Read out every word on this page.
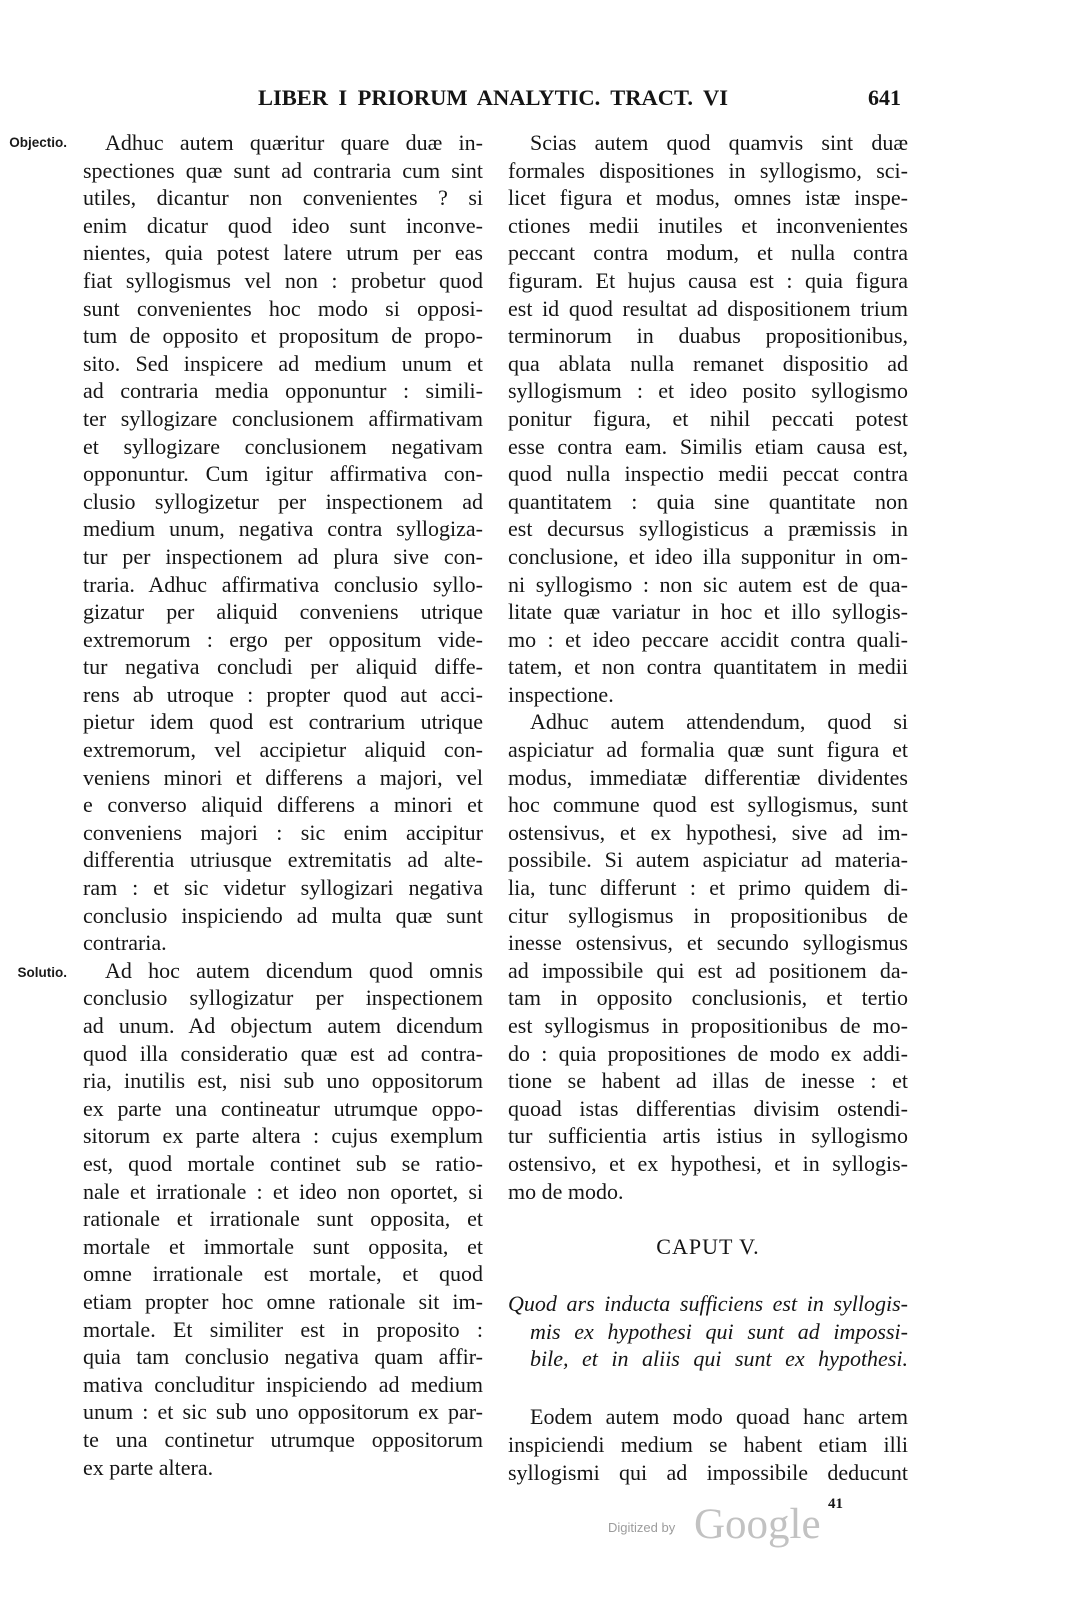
LIBER I PRIORUM ANALYTIC. TRACT. VI	641
Objectio.
Solutio.
Adhuc autem quæritur quare duæ in-
spectiones quæ sunt ad contraria cum sint
utiles, dicantur non convenientes ? si
enim dicatur quod ideo sunt inconve-
nientes, quia potest latere utrum per eas
fiat syllogismus vel non : probetur quod
sunt convenientes hoc modo si opposi-
tum de opposito et propositum de propo-
sito. Sed inspicere ad medium unum et
ad contraria media opponuntur : simili-
ter syllogizare conclusionem affirmativam
et syllogizare conclusionem negativam
opponuntur. Cum igitur affirmativa con-
clusio syllogizetur per inspectionem ad
medium unum, negativa contra syllogiza-
tur per inspectionem ad plura sive con-
traria. Adhuc affirmativa conclusio syllo-
gizatur per aliquid conveniens utrique
extremorum : ergo per oppositum vide-
tur negativa concludi per aliquid diffe-
rens ab utroque : propter quod aut acci-
pietur idem quod est contrarium utrique
extremorum, vel accipietur aliquid con-
veniens minori et differens a majori, vel
e converso aliquid differens a minori et
conveniens majori : sic enim accipitur
differentia utriusque extremitatis ad alte-
ram : et sic videtur syllogizari negativa
conclusio inspiciendo ad multa quæ sunt
contraria.
Ad hoc autem dicendum quod omnis
conclusio syllogizatur per inspectionem
ad unum. Ad objectum autem dicendum
quod illa consideratio quæ est ad contra-
ria, inutilis est, nisi sub uno oppositorum
ex parte una contineatur utrumque oppo-
sitorum ex parte altera : cujus exemplum
est, quod mortale continet sub se ratio-
nale et irrationale : et ideo non oportet, si
rationale et irrationale sunt opposita, et
mortale et immortale sunt opposita, et
omne irrationale est mortale, et quod
etiam propter hoc omne rationale sit im-
mortale. Et similiter est in proposito :
quia tam conclusio negativa quam affir-
mativa concluditur inspiciendo ad medium
unum : et sic sub uno oppositorum ex par-
te una continetur utrumque oppositorum
ex parte altera.
Scias autem quod quamvis sint duæ
formales dispositiones in syllogismo, sci-
licet figura et modus, omnes istæ inspe-
ctiones medii inutiles et inconvenientes
peccant contra modum, et nulla contra
figuram. Et hujus causa est : quia figura
est id quod resultat ad dispositionem trium
terminorum in duabus propositionibus,
qua ablata nulla remanet dispositio ad
syllogismum : et ideo posito syllogismo
ponitur figura, et nihil peccati potest
esse contra eam. Similis etiam causa est,
quod nulla inspectio medii peccat contra
quantitatem : quia sine quantitate non
est decursus syllogisticus a præmissis in
conclusione, et ideo illa supponitur in om-
ni syllogismo : non sic autem est de qua-
litate quæ variatur in hoc et illo syllogis-
mo : et ideo peccare accidit contra quali-
tatem, et non contra quantitatem in medii
inspectione.
Adhuc autem attendendum, quod si
aspiciatur ad formalia quæ sunt figura et
modus, immediatæ differentiæ dividentes
hoc commune quod est syllogismus, sunt
ostensivus, et ex hypothesi, sive ad im-
possibile. Si autem aspiciatur ad materia-
lia, tunc differunt : et primo quidem di-
citur syllogismus in propositionibus de
inesse ostensivus, et secundo syllogismus
ad impossibile qui est ad positionem da-
tam in opposito conclusionis, et tertio
est syllogismus in propositionibus de mo-
do : quia propositiones de modo ex addi-
tione se habent ad illas de inesse : et
quoad istas differentias divisim ostendi-
tur sufficientia artis istius in syllogismo
ostensivo, et ex hypothesi, et in syllogis-
mo de modo.
CAPUT V.
Quod ars inducta sufficiens est in syllogis-
mis ex hypothesi qui sunt ad impossi-
bile, et in aliis qui sunt ex hypothesi.
Eodem autem modo quoad hanc artem
inspiciendi medium se habent etiam illi
syllogismi qui ad impossibile deducunt
41
Digitized by Google
